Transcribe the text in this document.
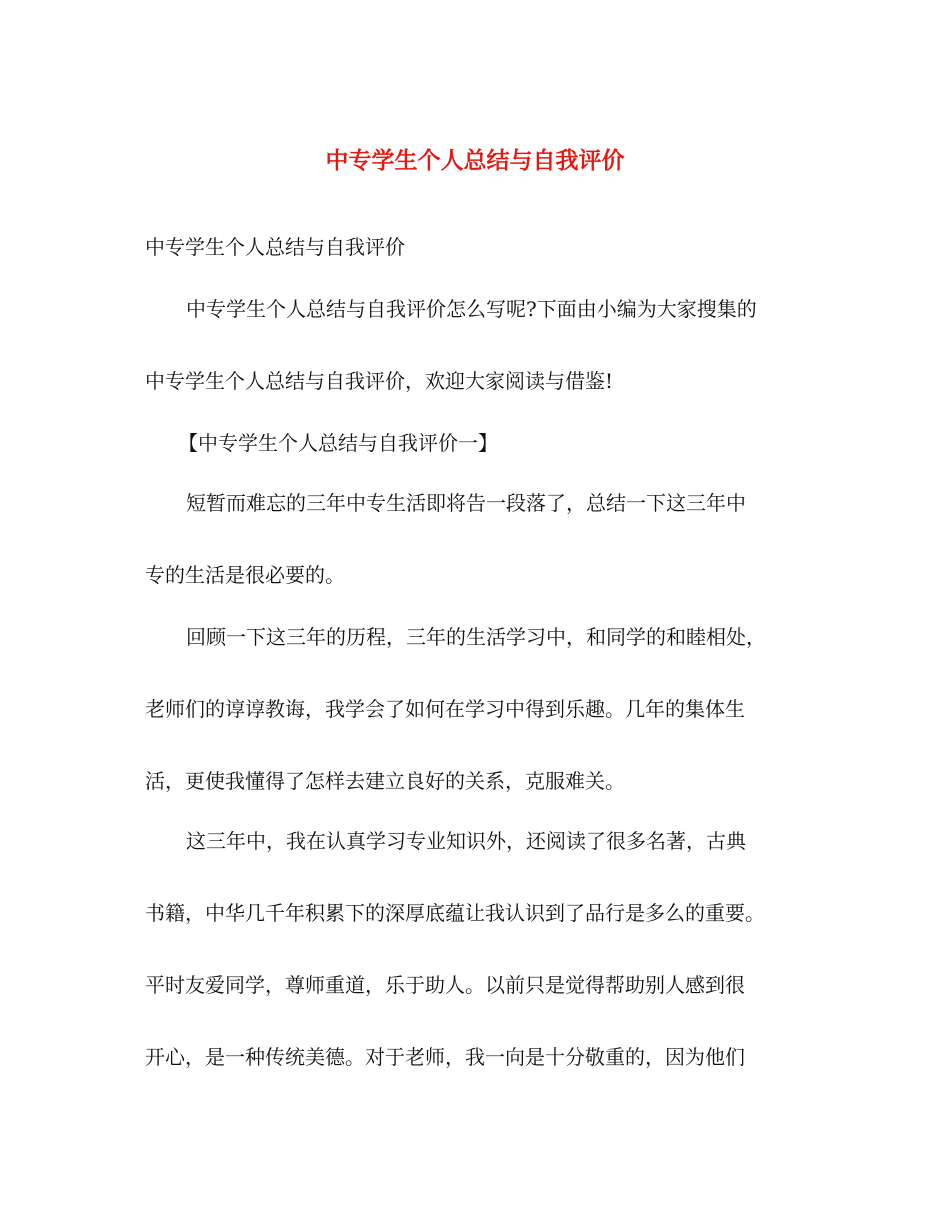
中专学生个人总结与自我评价

中专学生个人总结与自我评价

中专学生个人总结与自我评价怎么写呢?下面由小编为大家搜集的

中专学生个人总结与自我评价，欢迎大家阅读与借鉴!

【中专学生个人总结与自我评价一】

短暂而难忘的三年中专生活即将告一段落了，总结一下这三年中

专的生活是很必要的。

回顾一下这三年的历程，三年的生活学习中，和同学的和睦相处，

老师们的谆谆教诲，我学会了如何在学习中得到乐趣。几年的集体生

活，更使我懂得了怎样去建立良好的关系，克服难关。

这三年中，我在认真学习专业知识外，还阅读了很多名著，古典

书籍，中华几千年积累下的深厚底蕴让我认识到了品行是多么的重要。

平时友爱同学，尊师重道，乐于助人。以前只是觉得帮助别人感到很

开心，是一种传统美德。对于老师，我一向是十分敬重的，因为他们
